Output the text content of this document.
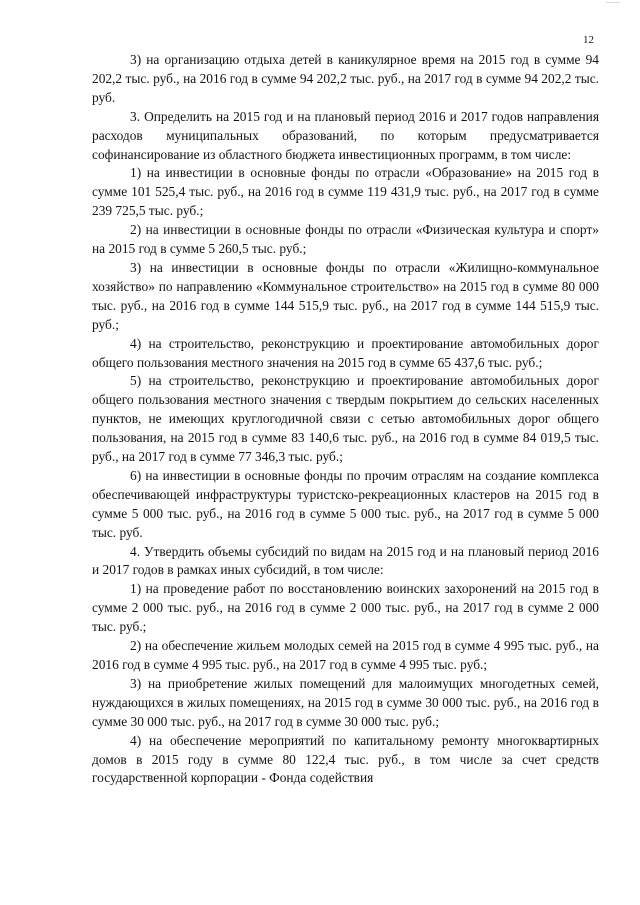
12

3) на организацию отдыха детей в каникулярное время на 2015 год в сумме 94 202,2 тыс. руб., на 2016 год в сумме 94 202,2 тыс. руб., на 2017 год в сумме 94 202,2 тыс. руб.

3. Определить на 2015 год и на плановый период 2016 и 2017 годов направления расходов муниципальных образований, по которым предусматривается софинансирование из областного бюджета инвестиционных программ, в том числе:

1) на инвестиции в основные фонды по отрасли «Образование» на 2015 год в сумме 101 525,4 тыс. руб., на 2016 год в сумме 119 431,9 тыс. руб., на 2017 год в сумме 239 725,5 тыс. руб.;

2) на инвестиции в основные фонды по отрасли «Физическая культура и спорт» на 2015 год в сумме 5 260,5 тыс. руб.;

3) на инвестиции в основные фонды по отрасли «Жилищно-коммунальное хозяйство» по направлению «Коммунальное строительство» на 2015 год в сумме 80 000 тыс. руб., на 2016 год в сумме 144 515,9 тыс. руб., на 2017 год в сумме 144 515,9 тыс. руб.;

4) на строительство, реконструкцию и проектирование автомобильных дорог общего пользования местного значения на 2015 год в сумме 65 437,6 тыс. руб.;

5) на строительство, реконструкцию и проектирование автомобильных дорог общего пользования местного значения с твердым покрытием до сельских населенных пунктов, не имеющих круглогодичной связи с сетью автомобильных дорог общего пользования, на 2015 год в сумме 83 140,6 тыс. руб., на 2016 год в сумме 84 019,5 тыс. руб., на 2017 год в сумме 77 346,3 тыс. руб.;

6) на инвестиции в основные фонды по прочим отраслям на создание комплекса обеспечивающей инфраструктуры туристско-рекреационных кластеров на 2015 год в сумме 5 000 тыс. руб., на 2016 год в сумме 5 000 тыс. руб., на 2017 год в сумме 5 000 тыс. руб.

4. Утвердить объемы субсидий по видам на 2015 год и на плановый период 2016 и 2017 годов в рамках иных субсидий, в том числе:

1) на проведение работ по восстановлению воинских захоронений на 2015 год в сумме 2 000 тыс. руб., на 2016 год в сумме 2 000 тыс. руб., на 2017 год в сумме 2 000 тыс. руб.;

2) на обеспечение жильем молодых семей на 2015 год в сумме 4 995 тыс. руб., на 2016 год в сумме 4 995 тыс. руб., на 2017 год в сумме 4 995 тыс. руб.;

3) на приобретение жилых помещений для малоимущих многодетных семей, нуждающихся в жилых помещениях, на 2015 год в сумме 30 000 тыс. руб., на 2016 год в сумме 30 000 тыс. руб., на 2017 год в сумме 30 000 тыс. руб.;

4) на обеспечение мероприятий по капитальному ремонту многоквартирных домов в 2015 году в сумме 80 122,4 тыс. руб., в том числе за счет средств государственной корпорации - Фонда содействия
